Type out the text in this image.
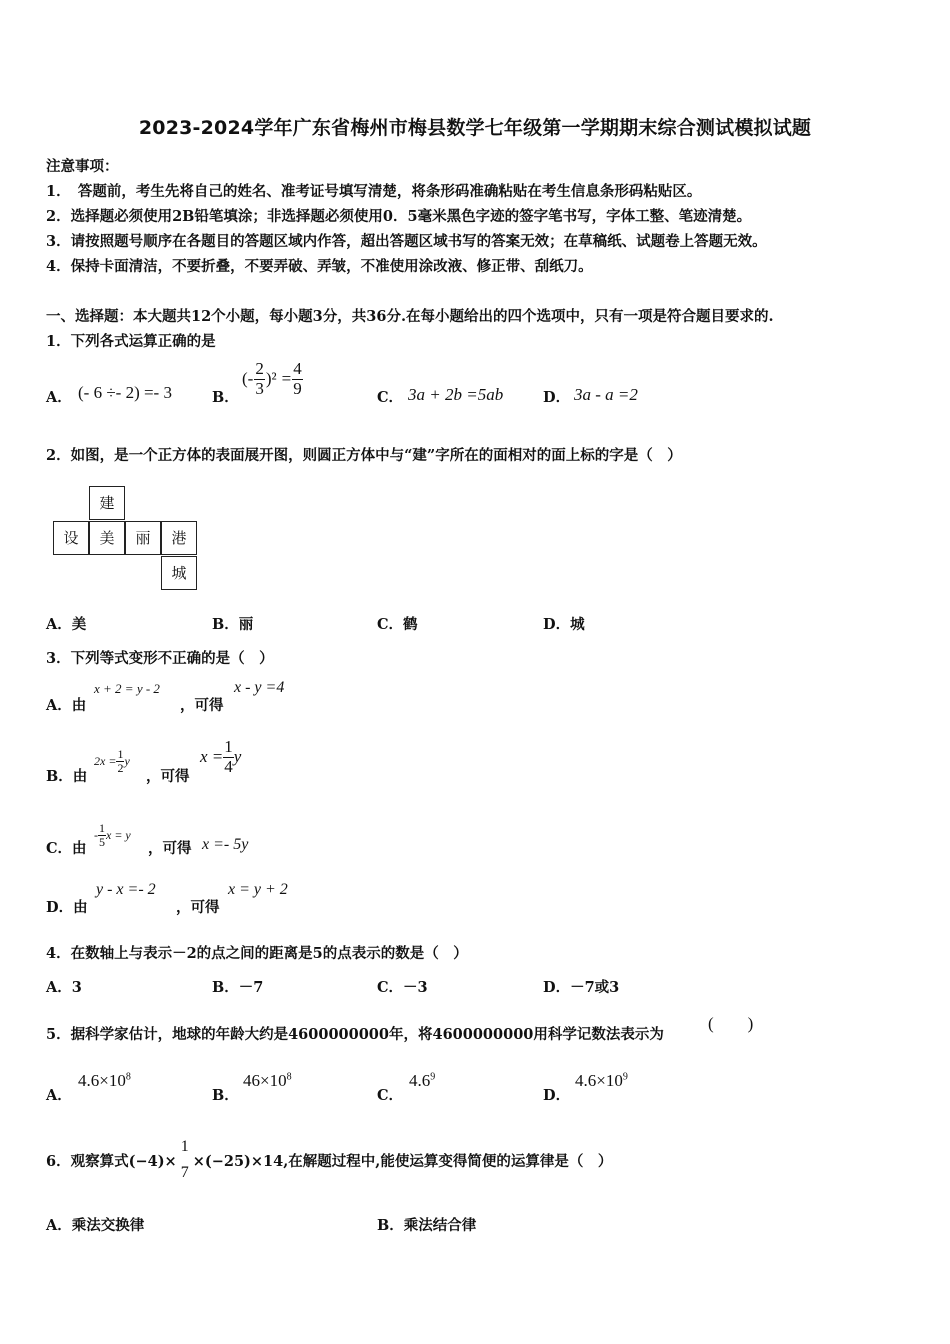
2023-2024学年广东省梅州市梅县数学七年级第一学期期末综合测试模拟试题
注意事项：
1．　答题前，考生先将自己的姓名、准考证号填写清楚，将条形码准确粘贴在考生信息条形码粘贴区。
2．选择题必须使用2B铅笔填涂；非选择题必须使用0．5毫米黑色字迹的签字笔书写，字体工整、笔迹清楚。
3．请按照题号顺序在各题目的答题区域内作答，超出答题区域书写的答案无效；在草稿纸、试题卷上答题无效。
4．保持卡面清洁，不要折叠，不要弄破、弄皱，不准使用涂改液、修正带、刮纸刀。
一、选择题：本大题共12个小题，每小题3分，共36分.在每小题给出的四个选项中，只有一项是符合题目要求的.
1．下列各式运算正确的是
A． (- 6 ÷- 2) =- 3	B．
(- $\frac{2}{3} )^2 = \frac{4}{9}$	C． 3a + 2b =5ab	D． 3a - a =2
2．如图，是一个正方体的表面展开图，则圆正方体中与“建”字所在的面相对的面上标的字是（　）
建
设	美	丽	港
城
A．美	B．丽	C．鹤	D．城
3．下列等式变形不正确的是（　）
A．由
x + 2 = y - 2
，可得
x - y =4
B．由
$2x = \frac{1}{2}$ y
，可得
$x = \frac{1}{4}$ y
C．由
- $\frac{1}{5}$ x = y
，可得 x =- 5y
D．由
y - x =- 2
，可得
x = y + 2
4．在数轴上与表示－2的点之间的距离是5的点表示的数是（　）
A．3	B．－7	C．－3	D．－7或3
5．据科学家估计，地球的年龄大约是4600000000年，将4600000000用科学记数法表示为
(　　)
A．
$4.6\times 10^8$
B．
$46\times 10^8$
C．
$4.6^9$
D．
$4.6\times 10^9$
6．观察算式(−4)×
1
7
×(−25)×14,在解题过程中,能使运算变得简便的运算律是（　）
A．乘法交换律	B．乘法结合律
